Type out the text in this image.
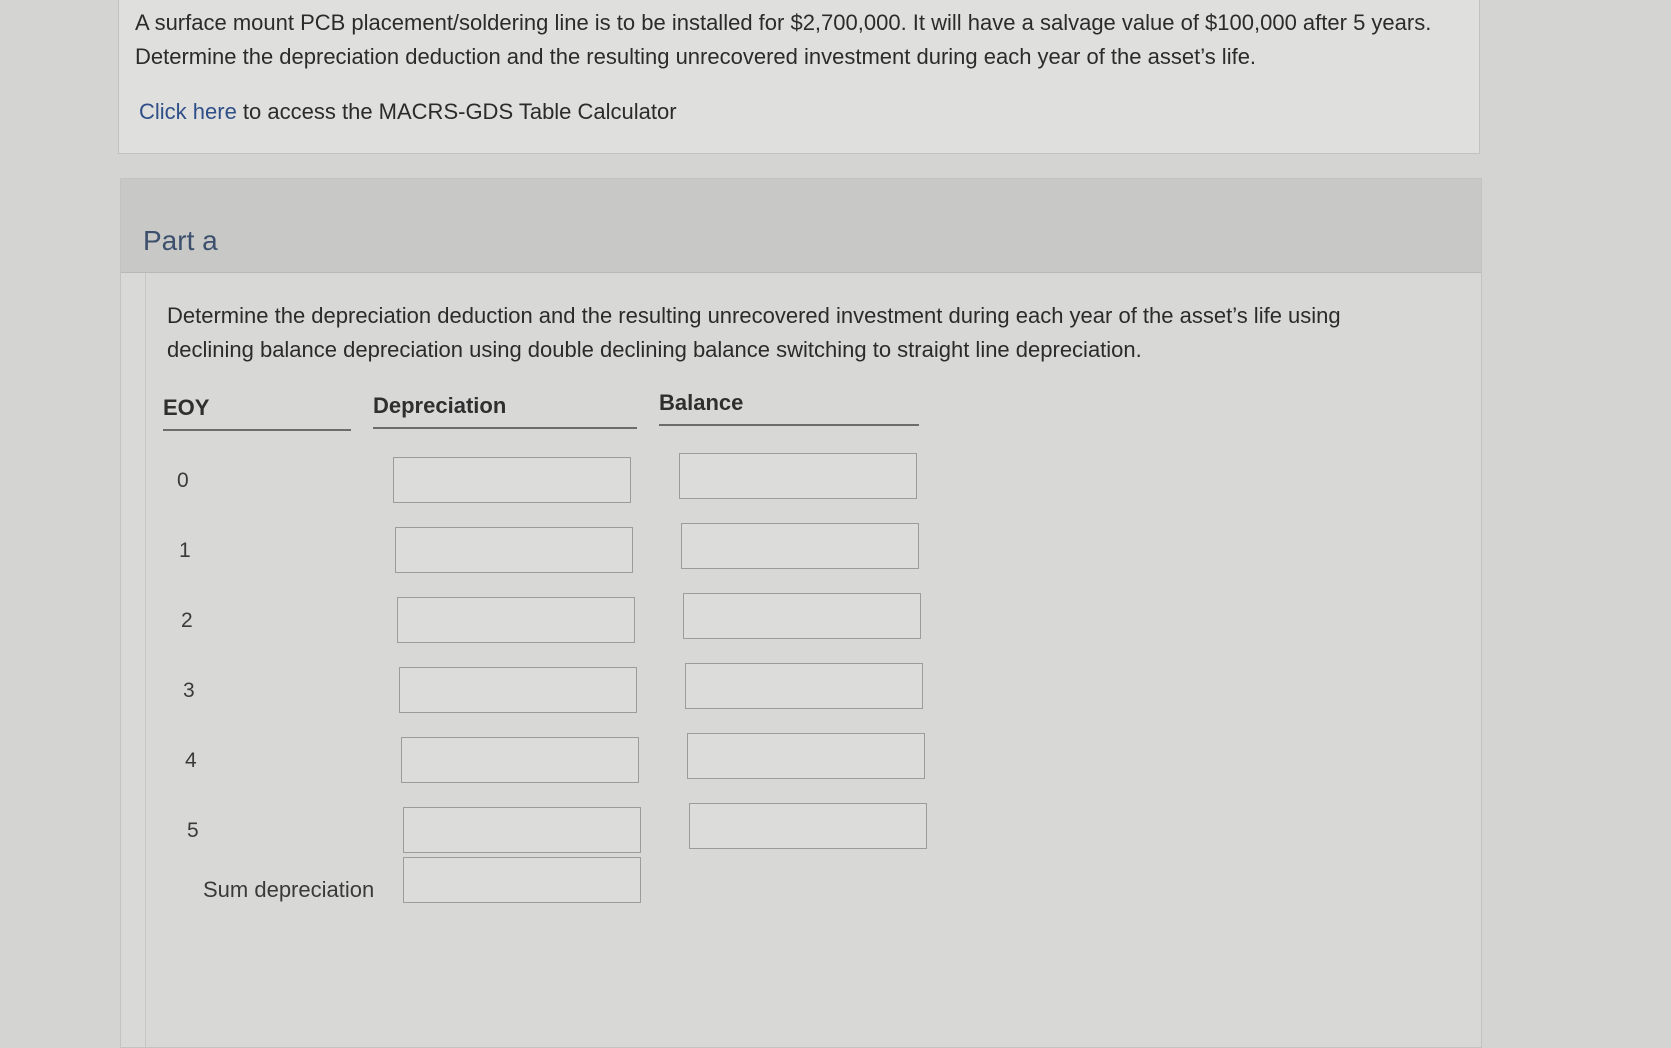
A surface mount PCB placement/soldering line is to be installed for $2,700,000. It will have a salvage value of $100,000 after 5 years. Determine the depreciation deduction and the resulting unrecovered investment during each year of the asset’s life.

Click here to access the MACRS-GDS Table Calculator
Part a

Determine the depreciation deduction and the resulting unrecovered investment during each year of the asset’s life using declining balance depreciation using double declining balance switching to straight line depreciation.

EOY	Depreciation	Balance
0
1
2
3
4
5
Sum depreciation
